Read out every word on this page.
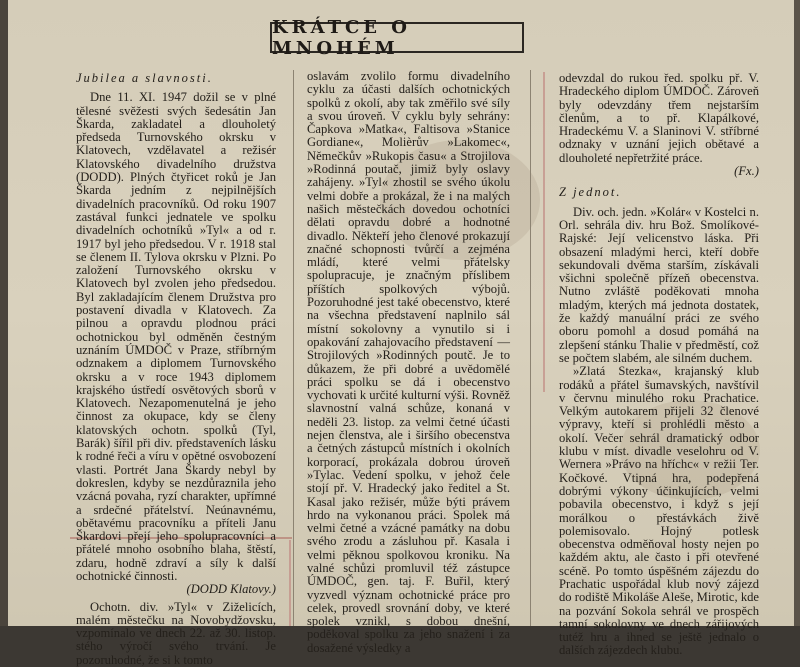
KRÁTCE O MNOHÉM

Jubilea a slavnosti.

Dne 11. XI. 1947 dožil se v plné tělesné svěžesti svých šedesátin Jan Škarda, zakladatel a dlouholetý předseda Turnovského okrsku v Klatovech, vzdělavatel a režisér Klatovského divadelního družstva (DODD). Plných čtyřicet roků je Jan Škarda jedním z nejpilnějších divadelních pracovníků. Od roku 1907 zastával funkci jednatele ve spolku divadelních ochotníků »Tyl« a od r. 1917 byl jeho předsedou. V r. 1918 stal se členem II. Tylova okrsku v Plzni. Po založení Turnovského okrsku v Klatovech byl zvolen jeho předsedou. Byl zakladajícím členem Družstva pro postavení divadla v Klatovech. Za pilnou a opravdu plodnou práci ochotnickou byl odměněn čestným uznáním ÚMDOČ v Praze, stříbrným odznakem a diplomem Turnovského okrsku a v roce 1943 diplomem krajského ústředí osvětových sborů v Klatovech. Nezapomenutelná je jeho činnost za okupace, kdy se členy klatovských ochotn. spolků (Tyl, Barák) šířil při div. představeních lásku k rodné řeči a víru v opětné osvobození vlasti. Portrét Jana Škardy nebyl by dokreslen, kdyby se nezdůraznila jeho vzácná povaha, ryzí charakter, upřímné a srdečné přátelství. Neúnavnému, obětavému pracovníku a příteli Janu Škardovi přejí jeho spolupracovníci a přátelé mnoho osobního blaha, štěstí, zdaru, hodně zdraví a síly k další ochotnické činnosti.

(DODD Klatovy.)

Ochotn. div. »Tyl« v Ziželicích, malém městečku na Novobydžovsku, vzpomínalo ve dnech 22. až 30. listop. stého výročí svého trvání. Je pozoruhodné, že si k tomto

oslavám zvolilo formu divadelního cyklu za účasti dalších ochotnických spolků z okolí, aby tak změřilo své síly a svou úroveň. V cyklu byly sehrány: Čapkova »Matka«, Faltisova »Stanice Gordiane«, Molièrův »Lakomec«, Němečkův »Rukopis času« a Strojilova »Rodinná poutač, jimiž byly oslavy zahájeny. »Tyl« zhostil se svého úkolu velmi dobře a prokázal, že i na malých našich městečkách dovedou ochotníci dělati opravdu dobré a hodnotné divadlo. Někteří jeho členové prokazují značné schopnosti tvůrčí a zejména mládí, které velmi přátelsky spolupracuje, je značným příslibem příštích spolkových výbojů. Pozoruhodné jest také obecenstvo, které na všechna představení naplnilo sál místní sokolovny a vynutilo si i opakování zahajovacího představení — Strojilových »Rodinných poutč. Je to důkazem, že při dobré a uvědomělé práci spolku se dá i obecenstvo vychovati k určité kulturní výši. Rovněž slavnostní valná schůze, konaná v neděli 23. listop. za velmi četné účasti nejen členstva, ale i širšího obecenstva a četných zástupců místních i okolních korporací, prokázala dobrou úroveň »Tylac. Vedení spolku, v jehož čele stojí př. V. Hradecký jako ředitel a St. Kasal jako režisér, může býti právem hrdo na vykonanou práci. Spolek má velmi četné a vzácné památky na dobu svého zrodu a zásluhou př. Kasala i velmi pěknou spolkovou kroniku. Na valné schůzi promluvil též zástupce ÚMDOČ, gen. taj. F. Buřil, který vyzvedl význam ochotnické práce pro celek, provedl srovnání doby, ve které spolek vznikl, s dobou dnešní, poděkoval spolku za jeho snažení i za dosažené výsledky a

odevzdal do rukou řed. spolku př. V. Hradeckého diplom ÚMDOČ. Zároveň byly odevzdány třem nejstarším členům, a to př. Klapálkové, Hradeckému V. a Slaninovi V. stříbrné odznaky v uznání jejich obětavé a dlouholeté nepřetržité práce.

(Fx.)

Z jednot.

Div. och. jedn. »Kolár« v Kostelci n. Orl. sehrála div. hru Bož. Smolíkové-Rajské: Její velicenstvo láska. Při obsazení mladými herci, kteří dobře sekundovali dvěma starším, získávali všichni společně přízeň obecenstva. Nutno zvláště poděkovati mnoha mladým, kterých má jednota dostatek, že každý manuální práci ze svého oboru pomohl a dosud pomáhá na zlepšení stánku Thalie v předměstí, což se počtem slabém, ale silném duchem.

»Zlatá Stezka«, krajanský klub rodáků a přátel šumavských, navštívil v červnu minulého roku Prachatice. Velkým autokarem přijeli 32 členové výpravy, kteří si prohlédli město a okolí. Večer sehrál dramatický odbor klubu v míst. divadle veselohru od V. Wernera »Právo na hříchc« v režii Ter. Kočkové. Vtipná hra, podepřená dobrými výkony účinkujících, velmi pobavila obecenstvo, i když s její morálkou o přestávkách živě polemisovalo. Hojný potlesk obecenstva odměňoval hosty nejen po každém aktu, ale často i při otevřené scéně. Po tomto úspěšném zájezdu do Prachatic uspořádal klub nový zájezd do rodiště Mikoláše Aleše, Mirotic, kde na pozvání Sokola sehrál ve prospěch tamní sokolovny ve dnech zářijových tutéž hru a ihned se ještě jednalo o dalších zájezdech klubu.
